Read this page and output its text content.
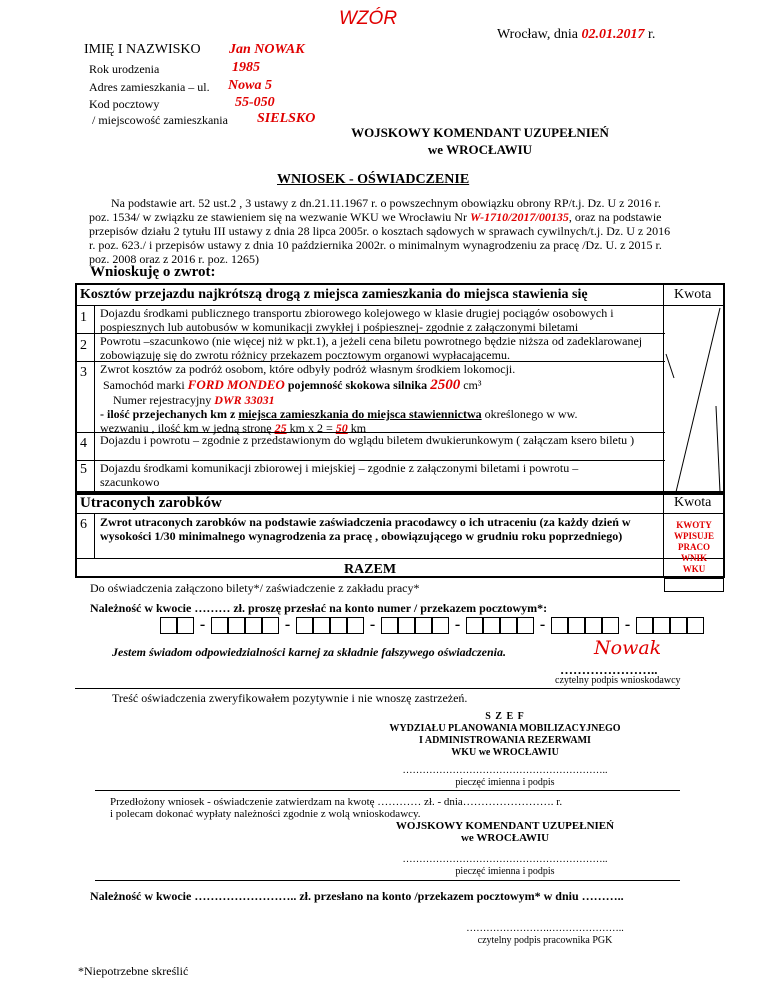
WZÓR
Wrocław, dnia 02.01.2017 r.
IMIĘ I NAZWISKO Jan NOWAK
Rok urodzenia	1985
Adres zamieszkania – ul. Nowa 5
Kod pocztowy	55-050
/ miejscowość zamieszkania SIELSKO
WOJSKOWY KOMENDANT UZUPEŁNIEŃ
we WROCŁAWIU
WNIOSEK - OŚWIADCZENIE
Na podstawie art. 52 ust.2 , 3 ustawy z dn.21.11.1967 r. o powszechnym obowiązku obrony RP/t.j. Dz. U z 2016 r. poz. 1534/ w związku ze stawieniem się na wezwanie WKU we Wrocławiu Nr W-1710/2017/00135, oraz na podstawie przepisów działu 2 tytułu III ustawy z dnia 28 lipca 2005r. o kosztach sądowych w sprawach cywilnych/t.j. Dz. U z 2016 r. poz. 623./ i przepisów ustawy z dnia 10 października 2002r. o minimalnym wynagrodzeniu za pracę /Dz. U. z 2015 r. poz. 2008 oraz z 2016 r. poz. 1265)
Wnioskuję o zwrot:
Kosztów przejazdu najkrótszą drogą z miejsca zamieszkania do miejsca stawienia się	Kwota
1 Dojazdu środkami publicznego transportu zbiorowego kolejowego w klasie drugiej pociągów osobowych i pospiesznych lub autobusów w komunikacji zwykłej i pośpiesznej- zgodnie z załączonymi biletami
2 Powrotu –szacunkowo (nie więcej niż w pkt.1), a jeżeli cena biletu powrotnego będzie niższa od zadeklarowanej zobowiązuję się do zwrotu różnicy przekazem pocztowym organowi wypłacającemu.
3 Zwrot kosztów za podróż osobom, które odbyły podróż własnym środkiem lokomocji.
Samochód marki FORD MONDEO pojemność skokowa silnika 2500 cm³
Numer rejestracyjny DWR 33031
- ilość przejechanych km z miejsca zamieszkania do miejsca stawiennictwa określonego w ww.
wezwaniu , ilość km w jedną stronę 25 km x 2 = 50 km
4 Dojazdu i powrotu – zgodnie z przedstawionym do wglądu biletem dwukierunkowym ( załączam ksero biletu )
5 Dojazdu środkami komunikacji zbiorowej i miejskiej – zgodnie z załączonymi biletami i powrotu – szacunkowo
Utraconych zarobków	Kwota
6 Zwrot utraconych zarobków na podstawie zaświadczenia pracodawcy o ich utraceniu (za każdy dzień w wysokości 1/30 minimalnego wynagrodzenia za pracę , obowiązującego w grudniu roku poprzedniego)
RAZEM
KWOTY
WPISUJE
PRACO
WNIK
WKU
Do oświadczenia załączono bilety*/ zaświadczenie z zakładu pracy*
Należność w kwocie ……… zł. proszę przesłać na konto numer / przekazem pocztowym*:
-	-	-	-	-	-
Jestem świadom odpowiedzialności karnej za składnie fałszywego oświadczenia.	Nowak
…………………..
czytelny podpis wnioskodawcy
Treść oświadczenia zweryfikowałem pozytywnie i nie wnoszę zastrzeżeń.
S Z E F
WYDZIAŁU PLANOWANIA MOBILIZACYJNEGO
I ADMINISTROWANIA REZERWAMI
WKU we WROCŁAWIU
……………………………………………………..
pieczęć imienna i podpis
Przedłożony wniosek - oświadczenie zatwierdzam na kwotę ………… zł. - dnia……………………. r.
i polecam dokonać wypłaty należności zgodnie z wolą wnioskodawcy.
WOJSKOWY KOMENDANT UZUPEŁNIEŃ
we WROCŁAWIU
……………………………………………………..
pieczęć imienna i podpis
Należność w kwocie …………………….. zł. przesłano na konto /przekazem pocztowym* w dniu ………..
…………………….…………………..
czytelny podpis pracownika PGK
*Niepotrzebne skreślić
